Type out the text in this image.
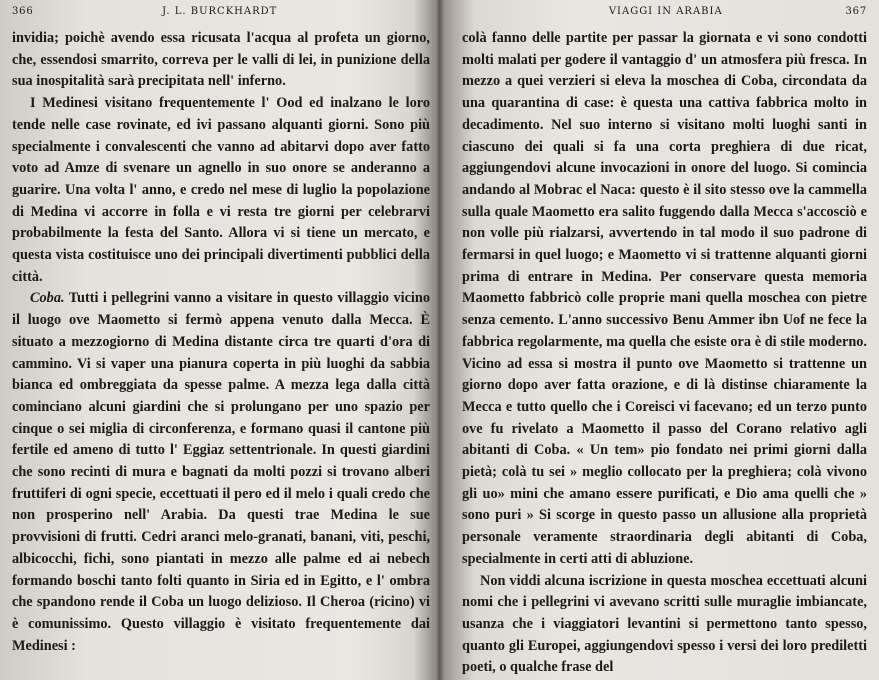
366	J. L. BURCKHARDT

invidia; poichè avendo essa ricusata l'acqua al profeta un giorno, che, essendosi smarrito, correva per le valli di lei, in punizione della sua inospitalità sarà precipitata nell' inferno.

I Medinesi visitano frequentemente l' Ood ed inalzano le loro tende nelle case rovinate, ed ivi passano alquanti giorni. Sono più specialmente i convalescenti che vanno ad abitarvi dopo aver fatto voto ad Amze di svenare un agnello in suo onore se anderanno a guarire. Una volta l' anno, e credo nel mese di luglio la popolazione di Medina vi accorre in folla e vi resta tre giorni per celebrarvi probabilmente la festa del Santo. Allora vi si tiene un mercato, e questa vista costituisce uno dei principali divertimenti pubblici della città.

Coba. Tutti i pellegrini vanno a visitare in questo villaggio vicino il luogo ove Maometto si fermò appena venuto dalla Mecca. È situato a mezzogiorno di Medina distante circa tre quarti d'ora di cammino. Vi si vaper una pianura coperta in più luoghi da sabbia bianca ed ombreggiata da spesse palme. A mezza lega dalla città cominciano alcuni giardini che si prolungano per uno spazio per cinque o sei miglia di circonferenza, e formano quasi il cantone più fertile ed ameno di tutto l' Eggiaz settentrionale. In questi giardini che sono recinti di mura e bagnati da molti pozzi si trovano alberi fruttiferi di ogni specie, eccettuati il pero ed il melo i quali credo che non prosperino nell' Arabia. Da questi trae Medina le sue provvisioni di frutti. Cedri aranci melo-granati, banani, viti, peschi, albicocchi, fichi, sono piantati in mezzo alle palme ed ai nebech formando boschi tanto folti quanto in Siria ed in Egitto, e l' ombra che spandono rende il Coba un luogo delizioso. Il Cheroa (ricino) vi è comunissimo. Questo villaggio è visitato frequentemente dai Medinesi :

VIAGGI IN ARABIA	367

colà fanno delle partite per passar la giornata e vi sono condotti molti malati per godere il vantaggio d' un atmosfera più fresca. In mezzo a quei verzieri si eleva la moschea di Coba, circondata da una quarantina di case: è questa una cattiva fabbrica molto in decadimento. Nel suo interno si visitano molti luoghi santi in ciascuno dei quali si fa una corta preghiera di due ricat, aggiungendovi alcune invocazioni in onore del luogo. Si comincia andando al Mobrac el Naca: questo è il sito stesso ove la cammella sulla quale Maometto era salito fuggendo dalla Mecca s'accosciò e non volle più rialzarsi, avvertendo in tal modo il suo padrone di fermarsi in quel luogo; e Maometto vi si trattenne alquanti giorni prima di entrare in Medina. Per conservare questa memoria Maometto fabbricò colle proprie mani quella moschea con pietre senza cemento. L'anno successivo Benu Ammer ibn Uof ne fece la fabbrica regolarmente, ma quella che esiste ora è di stile moderno. Vicino ad essa si mostra il punto ove Maometto si trattenne un giorno dopo aver fatta orazione, e di là distinse chiaramente la Mecca e tutto quello che i Coreisci vi facevano; ed un terzo punto ove fu rivelato a Maometto il passo del Corano relativo agli abitanti di Coba. « Un tem» pio fondato nei primi giorni dalla pietà; colà tu sei » meglio collocato per la preghiera; colà vivono gli uo» mini che amano essere purificati, e Dio ama quelli che » sono puri » Si scorge in questo passo un allusione alla proprietà personale veramente straordinaria degli abitanti di Coba, specialmente in certi atti di abluzione.

Non viddi alcuna iscrizione in questa moschea eccettuati alcuni nomi che i pellegrini vi avevano scritti sulle muraglie imbiancate, usanza che i viaggiatori levantini si permettono tanto spesso, quanto gli Europei, aggiungendovi spesso i versi dei loro prediletti poeti, o qualche frase del
